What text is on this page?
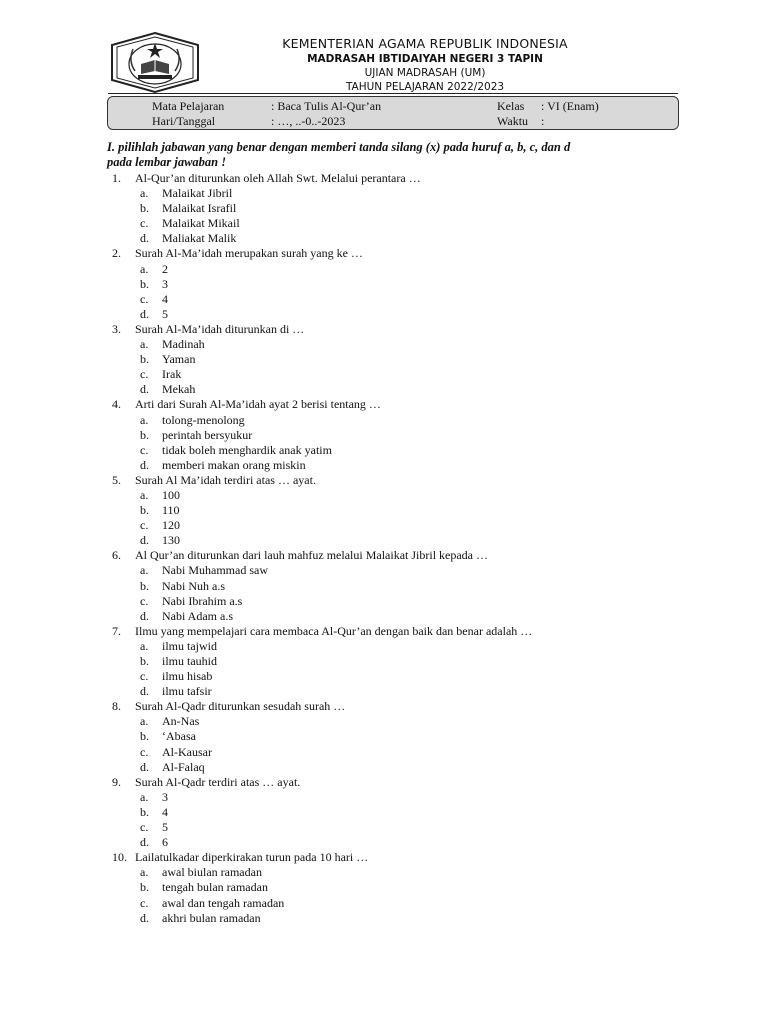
KEMENTERIAN AGAMA REPUBLIK INDONESIA
MADRASAH IBTIDAIYAH NEGERI 3 TAPIN
UJIAN MADRASAH (UM)
TAHUN PELAJARAN 2022/2023
Mata Pelajaran	: Baca Tulis Al-Qur’an	Kelas : VI (Enam)
Hari/Tanggal	: …, ..-0..-2023	Waktu :
I. pilihlah jabawan yang benar dengan memberi tanda silang (x) pada huruf a, b, c, dan d
pada lembar jawaban !
1. Al-Qur’an diturunkan oleh Allah Swt. Melalui perantara …
a. Malaikat Jibril
b. Malaikat Israfil
c. Malaikat Mikail
d. Maliakat Malik
2. Surah Al-Ma’idah merupakan surah yang ke …
a. 2
b. 3
c. 4
d. 5
3. Surah Al-Ma’idah diturunkan di …
a. Madinah
b. Yaman
c. Irak
d. Mekah
4. Arti dari Surah Al-Ma’idah ayat 2 berisi tentang …
a. tolong-menolong
b. perintah bersyukur
c. tidak boleh menghardik anak yatim
d. memberi makan orang miskin
5. Surah Al Ma’idah terdiri atas … ayat.
a. 100
b. 110
c. 120
d. 130
6. Al Qur’an diturunkan dari lauh mahfuz melalui Malaikat Jibril kepada …
a. Nabi Muhammad saw
b. Nabi Nuh a.s
c. Nabi Ibrahim a.s
d. Nabi Adam a.s
7. Ilmu yang mempelajari cara membaca Al-Qur’an dengan baik dan benar adalah …
a. ilmu tajwid
b. ilmu tauhid
c. ilmu hisab
d. ilmu tafsir
8. Surah Al-Qadr diturunkan sesudah surah …
a. An-Nas
b. ‘Abasa
c. Al-Kausar
d. Al-Falaq
9. Surah Al-Qadr terdiri atas … ayat.
a. 3
b. 4
c. 5
d. 6
10. Lailatulkadar diperkirakan turun pada 10 hari …
a. awal biulan ramadan
b. tengah bulan ramadan
c. awal dan tengah ramadan
d. akhri bulan ramadan
